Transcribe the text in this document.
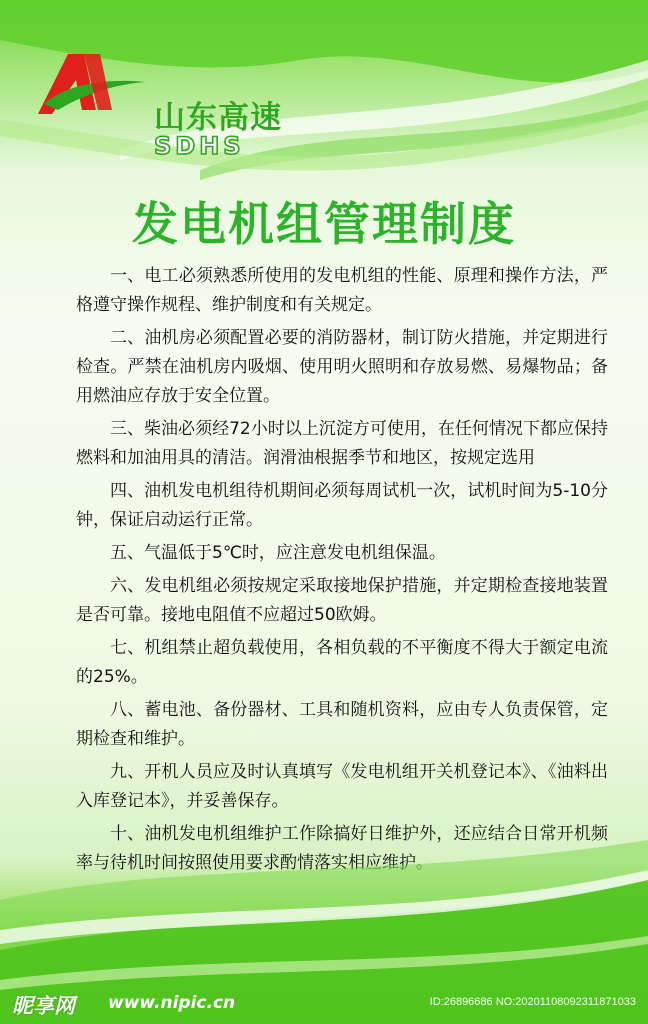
山东高速
SDHS
发电机组管理制度

一、电工必须熟悉所使用的发电机组的性能、原理和操作方法，严格遵守操作规程、维护制度和有关规定。

二、油机房必须配置必要的消防器材，制订防火措施，并定期进行检查。严禁在油机房内吸烟、使用明火照明和存放易燃、易爆物品；备用燃油应存放于安全位置。

三、柴油必须经72小时以上沉淀方可使用，在任何情况下都应保持燃料和加油用具的清洁。润滑油根据季节和地区，按规定选用

四、油机发电机组待机期间必须每周试机一次，试机时间为5-10分钟，保证启动运行正常。

五、气温低于5℃时，应注意发电机组保温。

六、发电机组必须按规定采取接地保护措施，并定期检查接地装置是否可靠。接地电阻值不应超过50欧姆。

七、机组禁止超负载使用，各相负载的不平衡度不得大于额定电流的25%。

八、蓄电池、备份器材、工具和随机资料，应由专人负责保管，定期检查和维护。

九、开机人员应及时认真填写《发电机组开关机登记本》、《油料出入库登记本》，并妥善保存。

十、油机发电机组维护工作除搞好日维护外，还应结合日常开机频率与待机时间按照使用要求酌情落实相应维护。

昵享网 www.nipic.cn	ID:26896686 NO:20201108092311871033
